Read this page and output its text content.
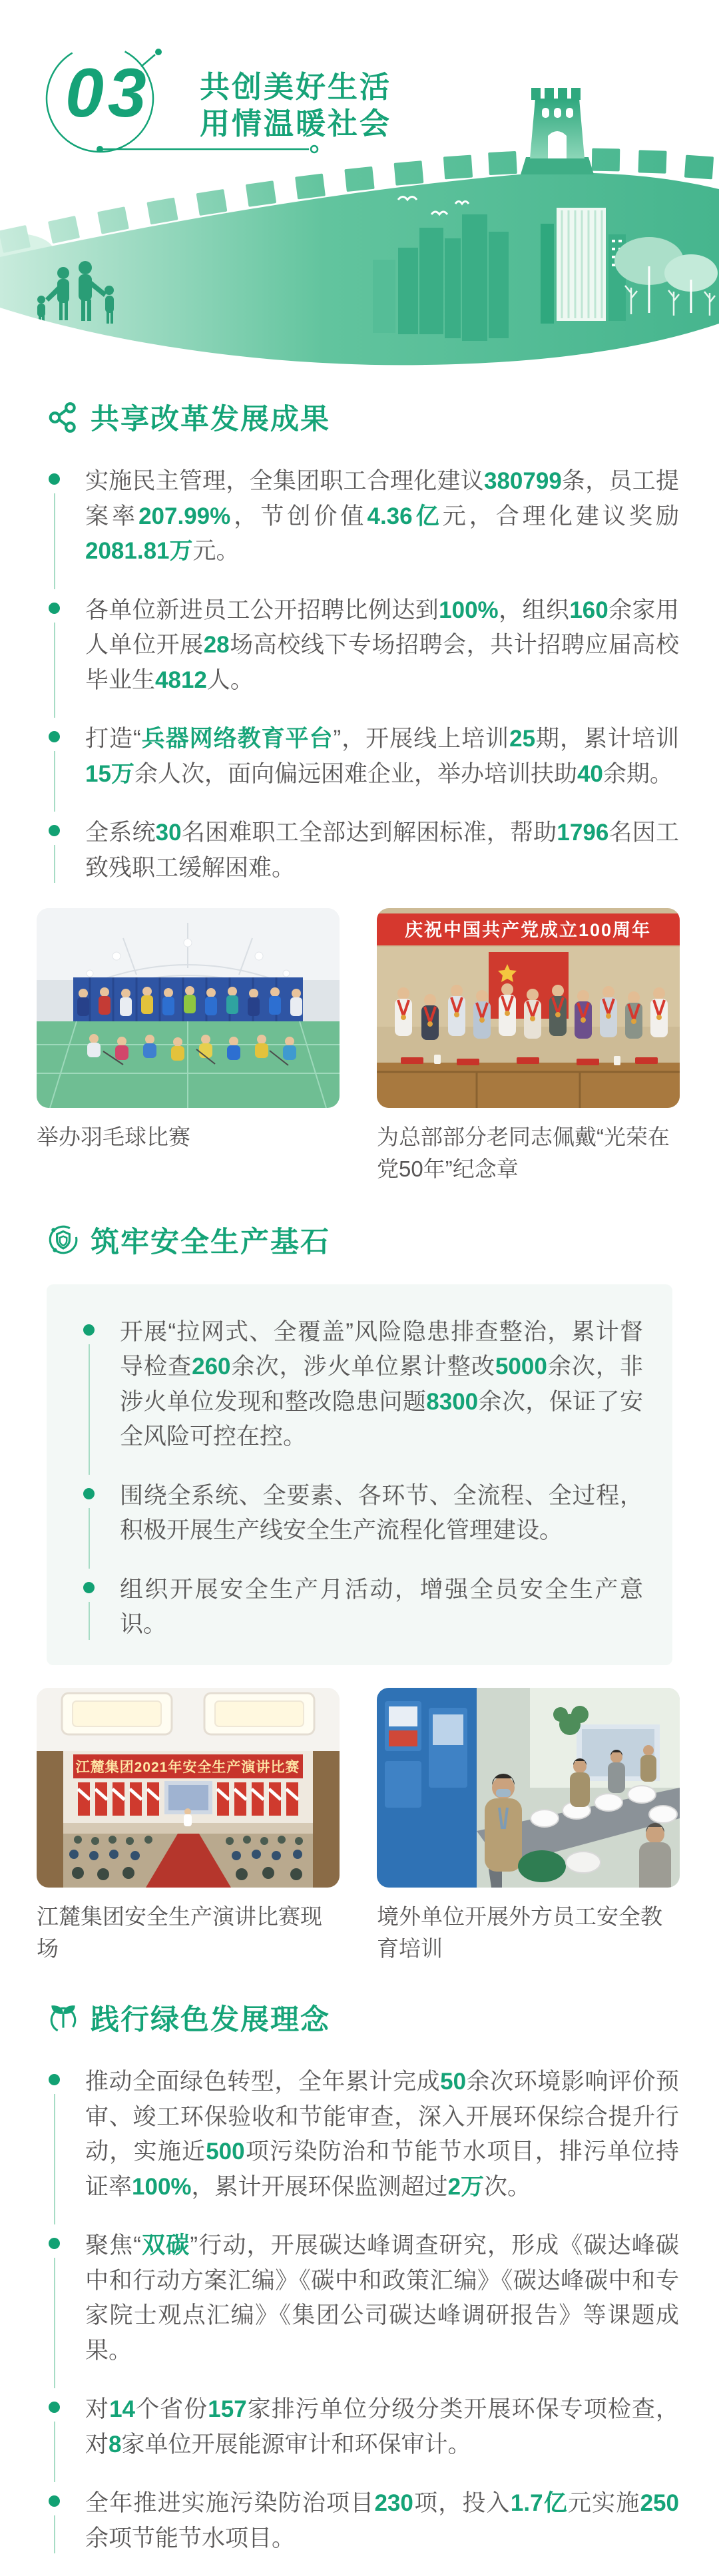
03 共创美好生活
用情温暖社会
共享改革发展成果
实施民主管理，全集团职工合理化建议380799条，员工提案率207.99%，节创价值4.36亿元，合理化建议奖励2081.81万元。
各单位新进员工公开招聘比例达到100%，组织160余家用人单位开展28场高校线下专场招聘会，共计招聘应届高校毕业生4812人。
打造“兵器网络教育平台”，开展线上培训25期，累计培训15万余人次，面向偏远困难企业，举办培训扶助40余期。
全系统30名困难职工全部达到解困标准，帮助1796名因工致残职工缓解困难。
举办羽毛球比赛
庆祝中国共产党成立100周年
为总部部分老同志佩戴“光荣在党50年”纪念章
筑牢安全生产基石
开展“拉网式、全覆盖”风险隐患排查整治，累计督导检查260余次，涉火单位累计整改5000余次，非涉火单位发现和整改隐患问题8300余次，保证了安全风险可控在控。
围绕全系统、全要素、各环节、全流程、全过程，积极开展生产线安全生产流程化管理建设。
组织开展安全生产月活动，增强全员安全生产意识。
江麓集团2021年安全生产演讲比赛
江麓集团安全生产演讲比赛现场
境外单位开展外方员工安全教育培训
践行绿色发展理念
推动全面绿色转型，全年累计完成50余次环境影响评价预审、竣工环保验收和节能审查，深入开展环保综合提升行动，实施近500项污染防治和节能节水项目，排污单位持证率100%，累计开展环保监测超过2万次。
聚焦“双碳”行动，开展碳达峰调查研究，形成《碳达峰碳中和行动方案汇编》《碳中和政策汇编》《碳达峰碳中和专家院士观点汇编》《集团公司碳达峰调研报告》等课题成果。
对14个省份157家排污单位分级分类开展环保专项检查，对8家单位开展能源审计和环保审计。
全年推进实施污染防治项目230项，投入1.7亿元实施250余项节能节水项目。
